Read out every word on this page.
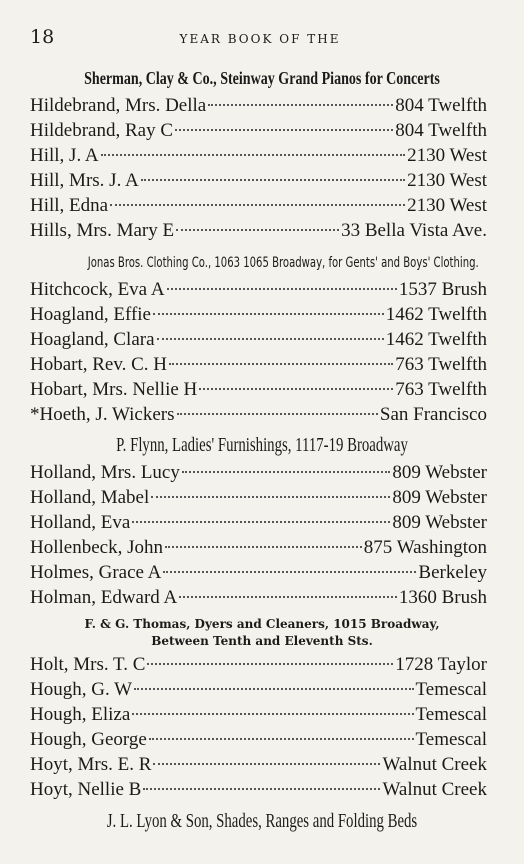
18	YEAR BOOK OF THE
Sherman, Clay & Co., Steinway Grand Pianos for Concerts
Hildebrand, Mrs. Della	804 Twelfth
Hildebrand, Ray C	804 Twelfth
Hill, J. A	2130 West
Hill, Mrs. J. A	2130 West
Hill, Edna	2130 West
Hills, Mrs. Mary E	33 Bella Vista Ave.
Jonas Bros. Clothing Co., 1063 1065 Broadway, for Gents' and Boys' Clothing.
Hitchcock, Eva A	1537 Brush
Hoagland, Effie	1462 Twelfth
Hoagland, Clara	1462 Twelfth
Hobart, Rev. C. H	763 Twelfth
Hobart, Mrs. Nellie H	763 Twelfth
*Hoeth, J. Wickers	San Francisco
P. Flynn, Ladies' Furnishings, 1117-19 Broadway
Holland, Mrs. Lucy	809 Webster
Holland, Mabel	809 Webster
Holland, Eva	809 Webster
Hollenbeck, John	875 Washington
Holmes, Grace A	Berkeley
Holman, Edward A	1360 Brush
F. & G. Thomas, Dyers and Cleaners, 1015 Broadway,
Between Tenth and Eleventh Sts.
Holt, Mrs. T. C	1728 Taylor
Hough, G. W	Temescal
Hough, Eliza	Temescal
Hough, George	Temescal
Hoyt, Mrs. E. R	Walnut Creek
Hoyt, Nellie B	Walnut Creek
J. L. Lyon & Son, Shades, Ranges and Folding Beds
